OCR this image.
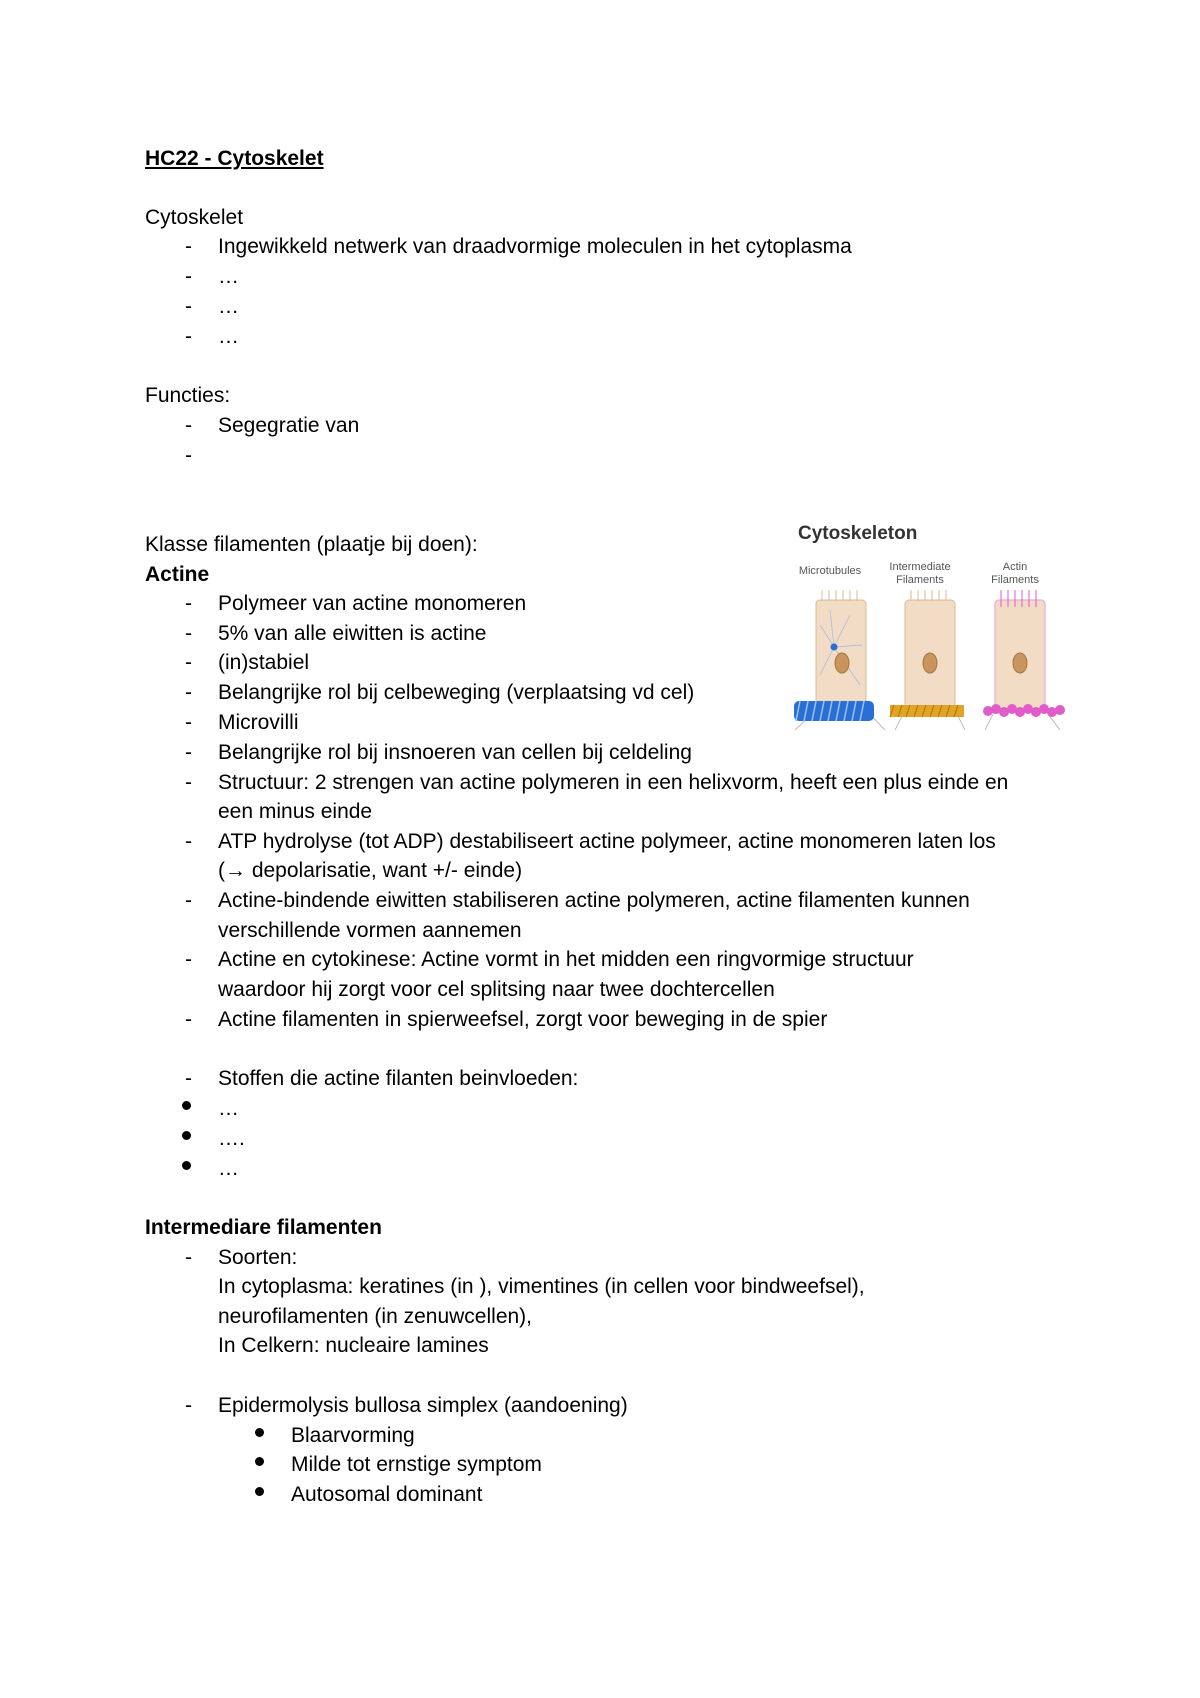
HC22 - Cytoskelet
Cytoskelet
- Ingewikkeld netwerk van draadvormige moleculen in het cytoplasma
- …
- …
- …
Functies:
- Segegratie van
-
Klasse filamenten (plaatje bij doen):
Actine
- Polymeer van actine monomeren
- 5% van alle eiwitten is actine
- (in)stabiel
- Belangrijke rol bij celbeweging (verplaatsing vd cel)
- Microvilli
- Belangrijke rol bij insnoeren van cellen bij celdeling
- Structuur: 2 strengen van actine polymeren in een helixvorm, heeft een plus einde en
een minus einde
- ATP hydrolyse (tot ADP) destabiliseert actine polymeer, actine monomeren laten los
(→ depolarisatie, want +/- einde)
- Actine-bindende eiwitten stabiliseren actine polymeren, actine filamenten kunnen
verschillende vormen aannemen
- Actine en cytokinese: Actine vormt in het midden een ringvormige structuur
waardoor hij zorgt voor cel splitsing naar twee dochtercellen
- Actine filamenten in spierweefsel, zorgt voor beweging in de spier
- Stoffen die actine filanten beinvloeden:
…
….
…
Intermediare filamenten
- Soorten:
In cytoplasma: keratines (in ), vimentines (in cellen voor bindweefsel),
neurofilamenten (in zenuwcellen),
In Celkern: nucleaire lamines
- Epidermolysis bullosa simplex (aandoening)
Blaarvorming
Milde tot ernstige symptom
Autosomal dominant
Cytoskeleton
Microtubules	Intermediate Filaments
Actin Filaments
